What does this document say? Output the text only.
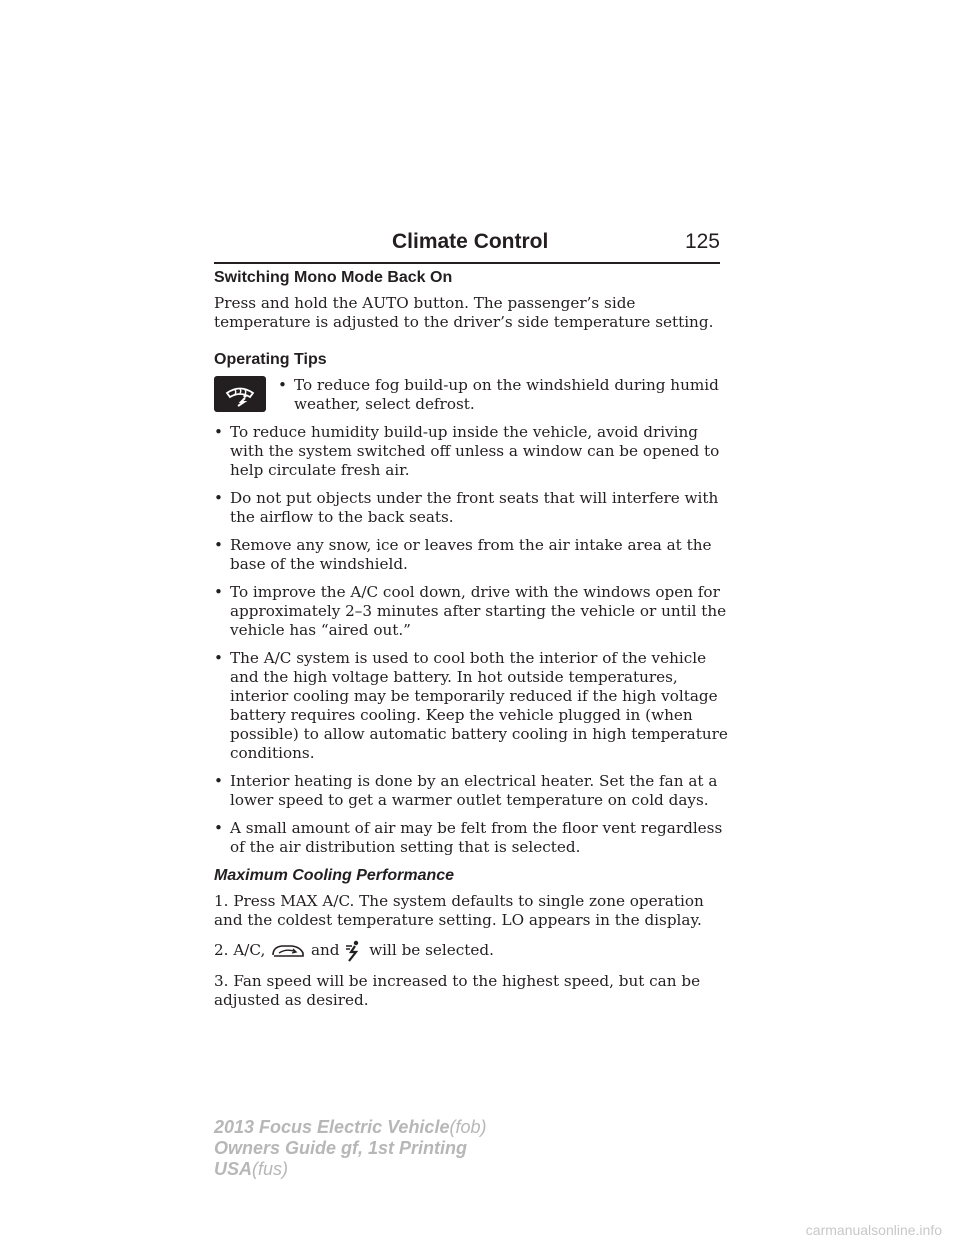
Climate Control	125
Switching Mono Mode Back On

Press and hold the AUTO button. The passenger’s side temperature is adjusted to the driver’s side temperature setting.

Operating Tips
• To reduce fog build-up on the windshield during humid weather, select defrost.
• To reduce humidity build-up inside the vehicle, avoid driving with the system switched off unless a window can be opened to help circulate fresh air.
• Do not put objects under the front seats that will interfere with the airflow to the back seats.
• Remove any snow, ice or leaves from the air intake area at the base of the windshield.
• To improve the A/C cool down, drive with the windows open for approximately 2–3 minutes after starting the vehicle or until the vehicle has “aired out.”
• The A/C system is used to cool both the interior of the vehicle and the high voltage battery. In hot outside temperatures, interior cooling may be temporarily reduced if the high voltage battery requires cooling. Keep the vehicle plugged in (when possible) to allow automatic battery cooling in high temperature conditions.
• Interior heating is done by an electrical heater. Set the fan at a lower speed to get a warmer outlet temperature on cold days.
• A small amount of air may be felt from the floor vent regardless of the air distribution setting that is selected.
Maximum Cooling Performance

1. Press MAX A/C. The system defaults to single zone operation and the coldest temperature setting. LO appears in the display.

2. A/C,	and will be selected.

3. Fan speed will be increased to the highest speed, but can be adjusted as desired.

2013 Focus Electric Vehicle(fob)
Owners Guide gf, 1st Printing
USA(fus)
carmanualsonline.info
